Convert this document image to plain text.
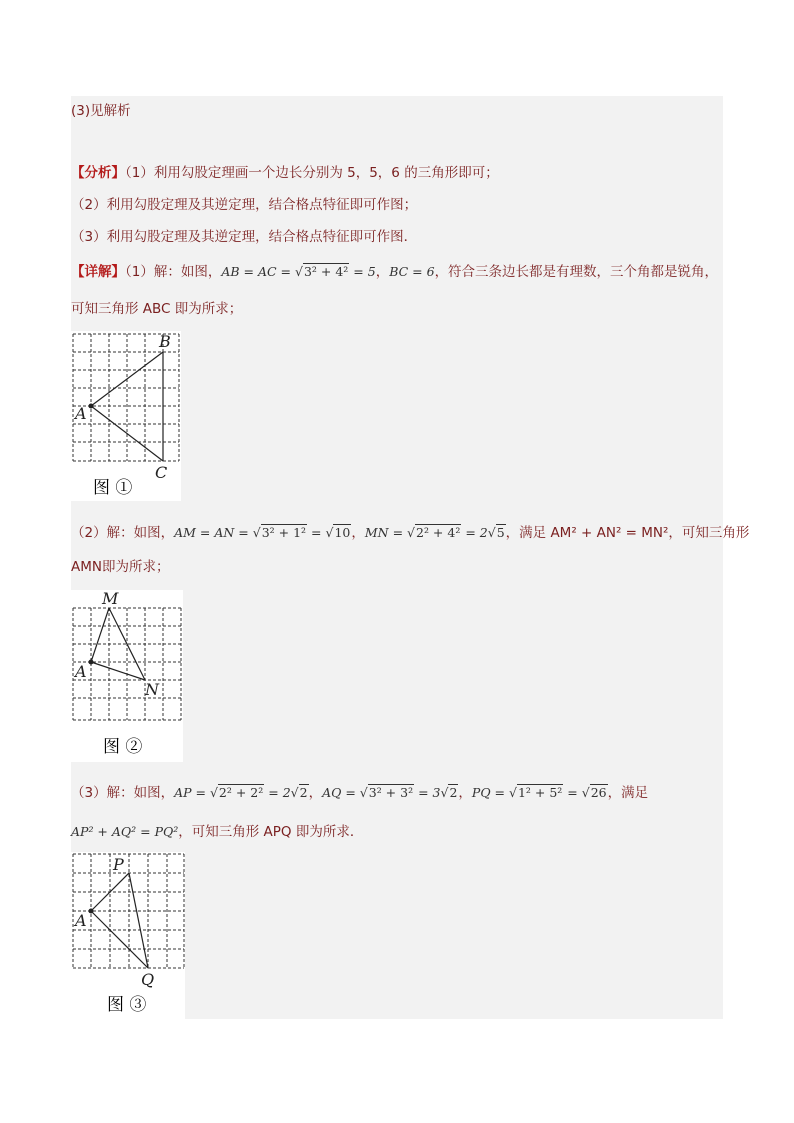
(3)见解析
【分析】（1）利用勾股定理画一个边长分别为 5，5，6 的三角形即可；
（2）利用勾股定理及其逆定理，结合格点特征即可作图；
（3）利用勾股定理及其逆定理，结合格点特征即可作图．
【详解】（1）解：如图，AB = AC = √3² + 4² = 5，BC = 6，符合三条边长都是有理数，三个角都是锐角，
可知三角形 ABC 即为所求；
B
A
C
图 ①
（2）解：如图，AM = AN = √3² + 1² = √10，MN = √2² + 4² = 2√5，满足 AM² + AN² = MN²，可知三角形
AMN即为所求；
M
A
N
图 ②
（3）解：如图，AP = √2² + 2² = 2√2，AQ = √3² + 3² = 3√2，PQ = √1² + 5² = √26，满足
AP² + AQ² = PQ²，可知三角形 APQ 即为所求．
P
A
Q
图 ③
